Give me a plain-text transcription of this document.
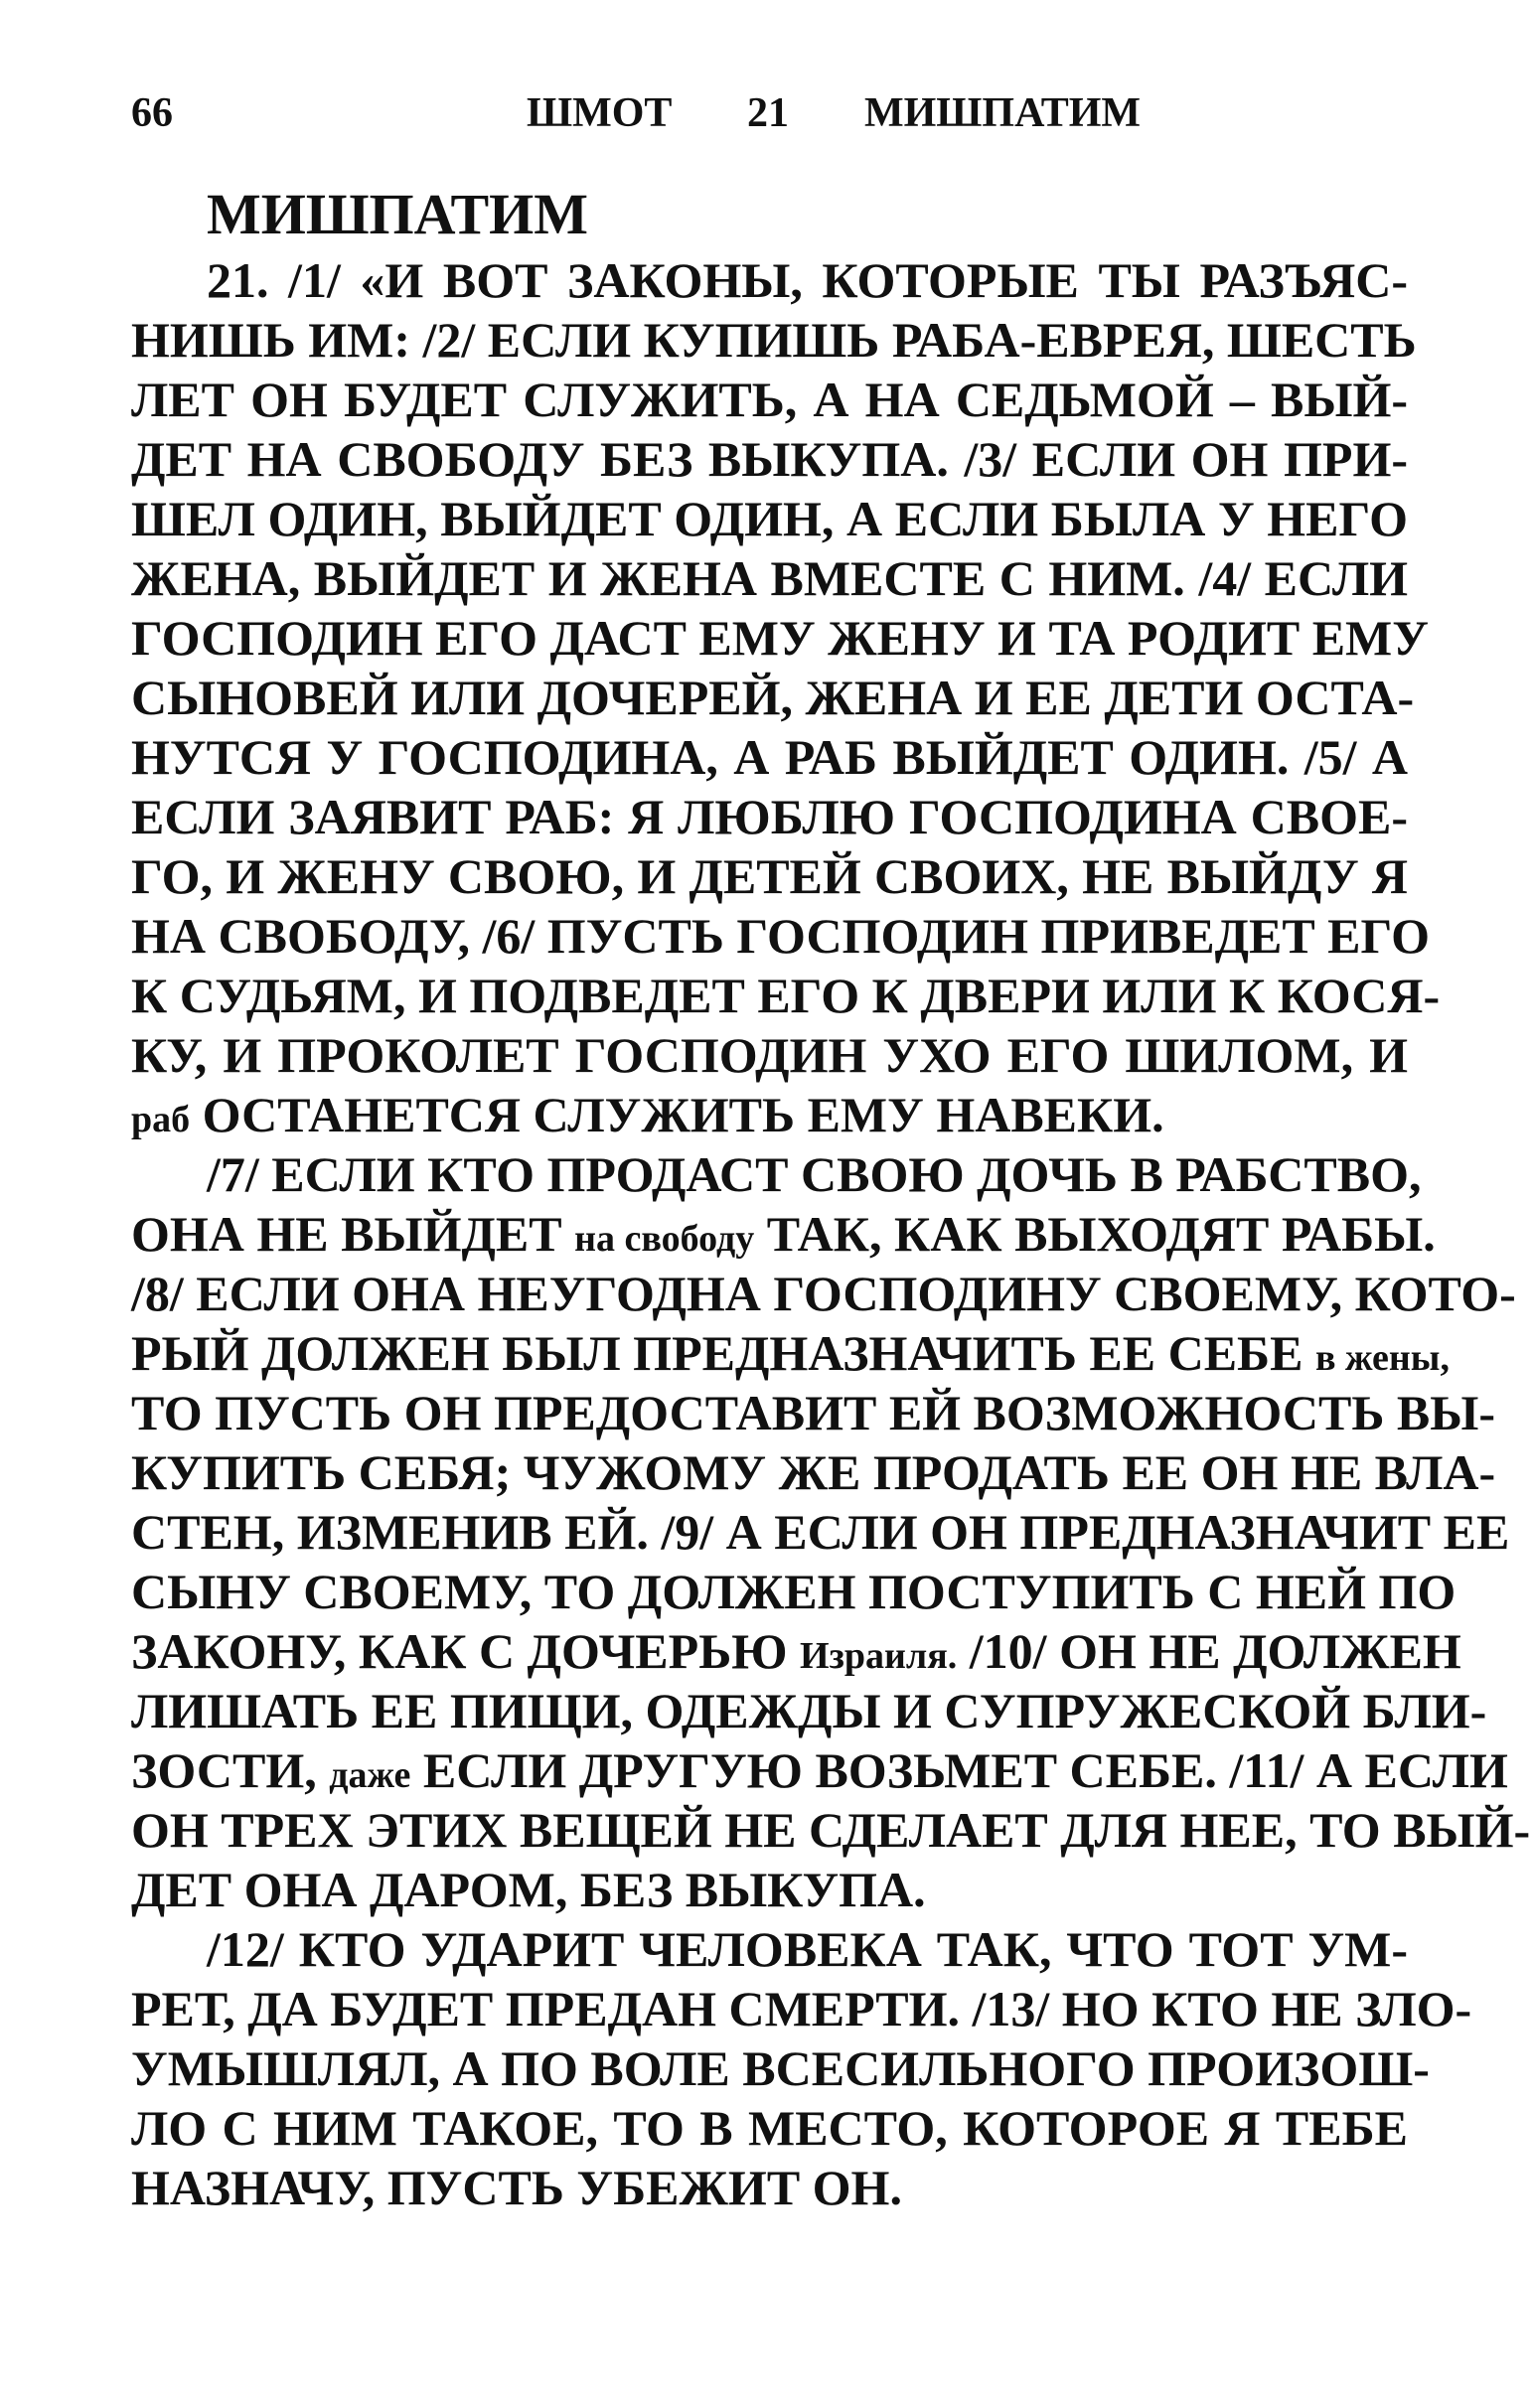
66	ШМОТ 21 МИШПАТИМ
МИШПАТИМ
21. /1/ «И ВОТ ЗАКОНЫ, КОТОРЫЕ ТЫ РАЗЪЯС-
НИШЬ ИМ: /2/ ЕСЛИ КУПИШЬ РАБА-ЕВРЕЯ, ШЕСТЬ
ЛЕТ ОН БУДЕТ СЛУЖИТЬ, А НА СЕДЬМОЙ – ВЫЙ-
ДЕТ НА СВОБОДУ БЕЗ ВЫКУПА. /3/ ЕСЛИ ОН ПРИ-
ШЕЛ ОДИН, ВЫЙДЕТ ОДИН, А ЕСЛИ БЫЛА У НЕГО
ЖЕНА, ВЫЙДЕТ И ЖЕНА ВМЕСТЕ С НИМ. /4/ ЕСЛИ
ГОСПОДИН ЕГО ДАСТ ЕМУ ЖЕНУ И ТА РОДИТ ЕМУ
СЫНОВЕЙ ИЛИ ДОЧЕРЕЙ, ЖЕНА И ЕЕ ДЕТИ ОСТА-
НУТСЯ У ГОСПОДИНА, А РАБ ВЫЙДЕТ ОДИН. /5/ А
ЕСЛИ ЗАЯВИТ РАБ: Я ЛЮБЛЮ ГОСПОДИНА СВОЕ-
ГО, И ЖЕНУ СВОЮ, И ДЕТЕЙ СВОИХ, НЕ ВЫЙДУ Я
НА СВОБОДУ, /6/ ПУСТЬ ГОСПОДИН ПРИВЕДЕТ ЕГО
К СУДЬЯМ, И ПОДВЕДЕТ ЕГО К ДВЕРИ ИЛИ К КОСЯ-
КУ, И ПРОКОЛЕТ ГОСПОДИН УХО ЕГО ШИЛОМ, И
раб ОСТАНЕТСЯ СЛУЖИТЬ ЕМУ НАВЕКИ.
/7/ ЕСЛИ КТО ПРОДАСТ СВОЮ ДОЧЬ В РАБСТВО,
ОНА НЕ ВЫЙДЕТ на свободу ТАК, КАК ВЫХОДЯТ РАБЫ.
/8/ ЕСЛИ ОНА НЕУГОДНА ГОСПОДИНУ СВОЕМУ, КОТО-
РЫЙ ДОЛЖЕН БЫЛ ПРЕДНАЗНАЧИТЬ ЕЕ СЕБЕ в жены,
ТО ПУСТЬ ОН ПРЕДОСТАВИТ ЕЙ ВОЗМОЖНОСТЬ ВЫ-
КУПИТЬ СЕБЯ; ЧУЖОМУ ЖЕ ПРОДАТЬ ЕЕ ОН НЕ ВЛА-
СТЕН, ИЗМЕНИВ ЕЙ. /9/ А ЕСЛИ ОН ПРЕДНАЗНАЧИТ ЕЕ
СЫНУ СВОЕМУ, ТО ДОЛЖЕН ПОСТУПИТЬ С НЕЙ ПО
ЗАКОНУ, КАК С ДОЧЕРЬЮ Израиля. /10/ ОН НЕ ДОЛЖЕН
ЛИШАТЬ ЕЕ ПИЩИ, ОДЕЖДЫ И СУПРУЖЕСКОЙ БЛИ-
ЗОСТИ, даже ЕСЛИ ДРУГУЮ ВОЗЬМЕТ СЕБЕ. /11/ А ЕСЛИ
ОН ТРЕХ ЭТИХ ВЕЩЕЙ НЕ СДЕЛАЕТ ДЛЯ НЕЕ, ТО ВЫЙ-
ДЕТ ОНА ДАРОМ, БЕЗ ВЫКУПА.
/12/ КТО УДАРИТ ЧЕЛОВЕКА ТАК, ЧТО ТОТ УМ-
РЕТ, ДА БУДЕТ ПРЕДАН СМЕРТИ. /13/ НО КТО НЕ ЗЛО-
УМЫШЛЯЛ, А ПО ВОЛЕ ВСЕСИЛЬНОГО ПРОИЗОШ-
ЛО С НИМ ТАКОЕ, ТО В МЕСТО, КОТОРОЕ Я ТЕБЕ
НАЗНАЧУ, ПУСТЬ УБЕЖИТ ОН.
